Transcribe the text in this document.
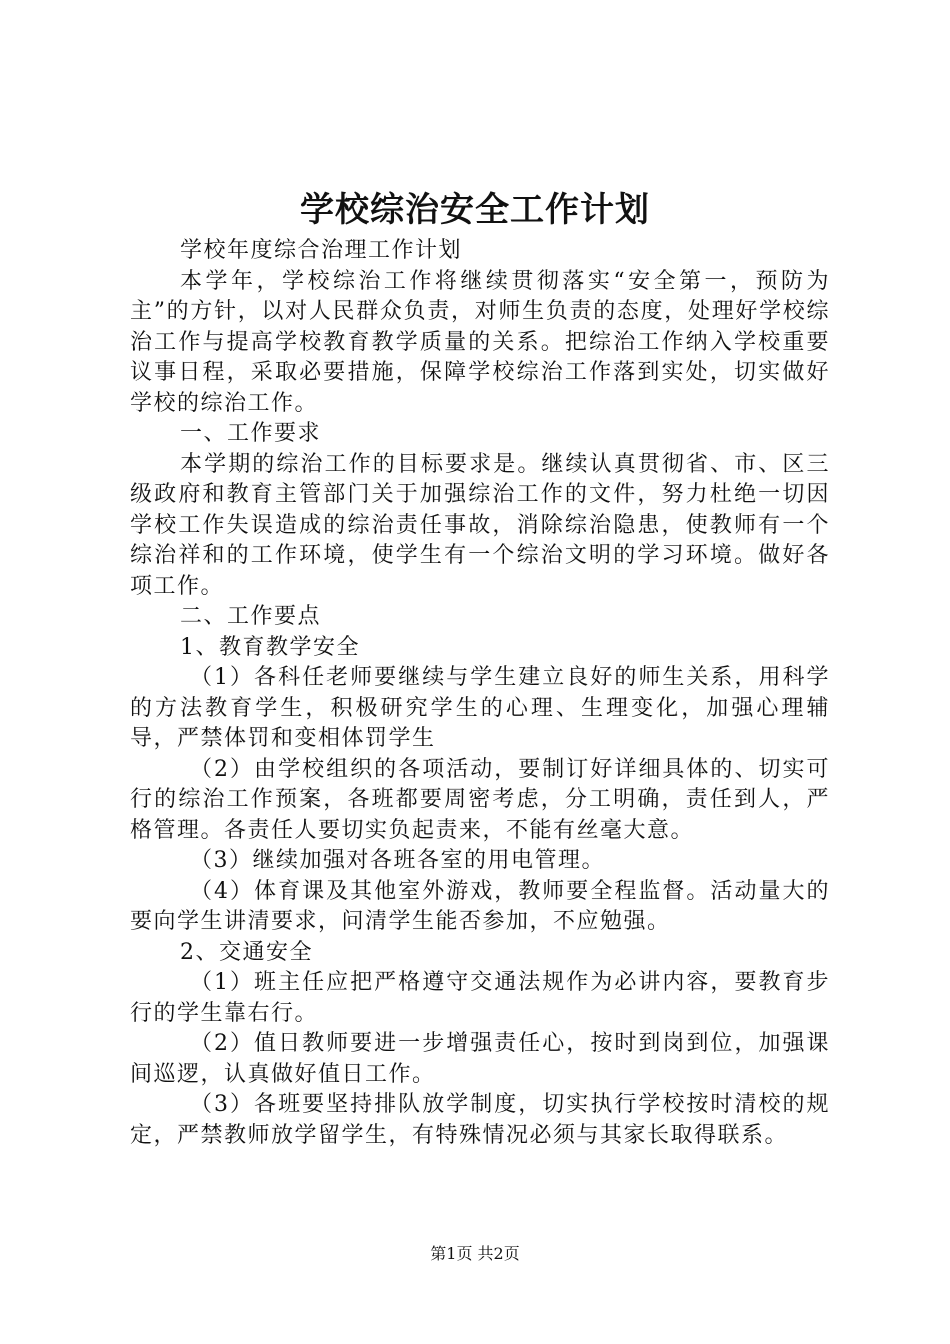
学校综治安全工作计划

学校年度综合治理工作计划

本学年，学校综治工作将继续贯彻落实“安全第一，预防为主”的方针，以对人民群众负责，对师生负责的态度，处理好学校综治工作与提高学校教育教学质量的关系。把综治工作纳入学校重要议事日程，采取必要措施，保障学校综治工作落到实处，切实做好学校的综治工作。

一、工作要求

本学期的综治工作的目标要求是。继续认真贯彻省、市、区三级政府和教育主管部门关于加强综治工作的文件，努力杜绝一切因学校工作失误造成的综治责任事故，消除综治隐患，使教师有一个综治祥和的工作环境，使学生有一个综治文明的学习环境。做好各项工作。

二、工作要点

1、教育教学安全

（1）各科任老师要继续与学生建立良好的师生关系，用科学的方法教育学生，积极研究学生的心理、生理变化，加强心理辅导，严禁体罚和变相体罚学生

（2）由学校组织的各项活动，要制订好详细具体的、切实可行的综治工作预案，各班都要周密考虑，分工明确，责任到人，严格管理。各责任人要切实负起责来，不能有丝毫大意。

（3）继续加强对各班各室的用电管理。

（4）体育课及其他室外游戏，教师要全程监督。活动量大的要向学生讲清要求，问清学生能否参加，不应勉强。

2、交通安全

（1）班主任应把严格遵守交通法规作为必讲内容，要教育步行的学生靠右行。

（2）值日教师要进一步增强责任心，按时到岗到位，加强课间巡逻，认真做好值日工作。

（3）各班要坚持排队放学制度，切实执行学校按时清校的规定，严禁教师放学留学生，有特殊情况必须与其家长取得联系。

第1页 共2页
